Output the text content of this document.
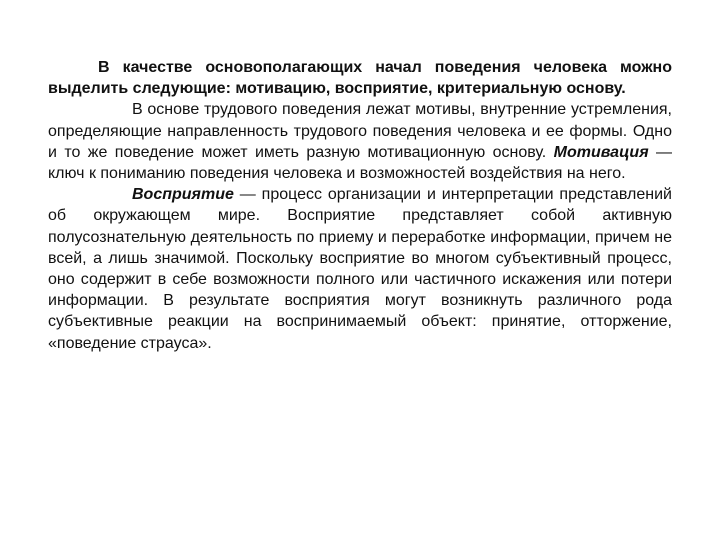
В качестве основополагающих начал поведения человека можно выделить следующие: мотивацию, восприятие, критериальную основу.

В основе трудового поведения лежат мотивы, внутренние устремления, определяющие направленность трудового поведения человека и ее формы. Одно и то же поведение может иметь разную мотивационную основу. Мотивация — ключ к пониманию поведения человека и возможностей воздействия на него.

Восприятие — процесс организации и интерпретации представлений об окружающем мире. Восприятие представляет собой активную полусознательную деятельность по приему и переработке информации, причем не всей, а лишь значимой. Поскольку восприятие во многом субъективный процесс, оно содержит в себе возможности полного или частичного искажения или потери информации. В результате восприятия могут возникнуть различного рода субъективные реакции на воспринимаемый объект: принятие, отторжение, «поведение страуса».
